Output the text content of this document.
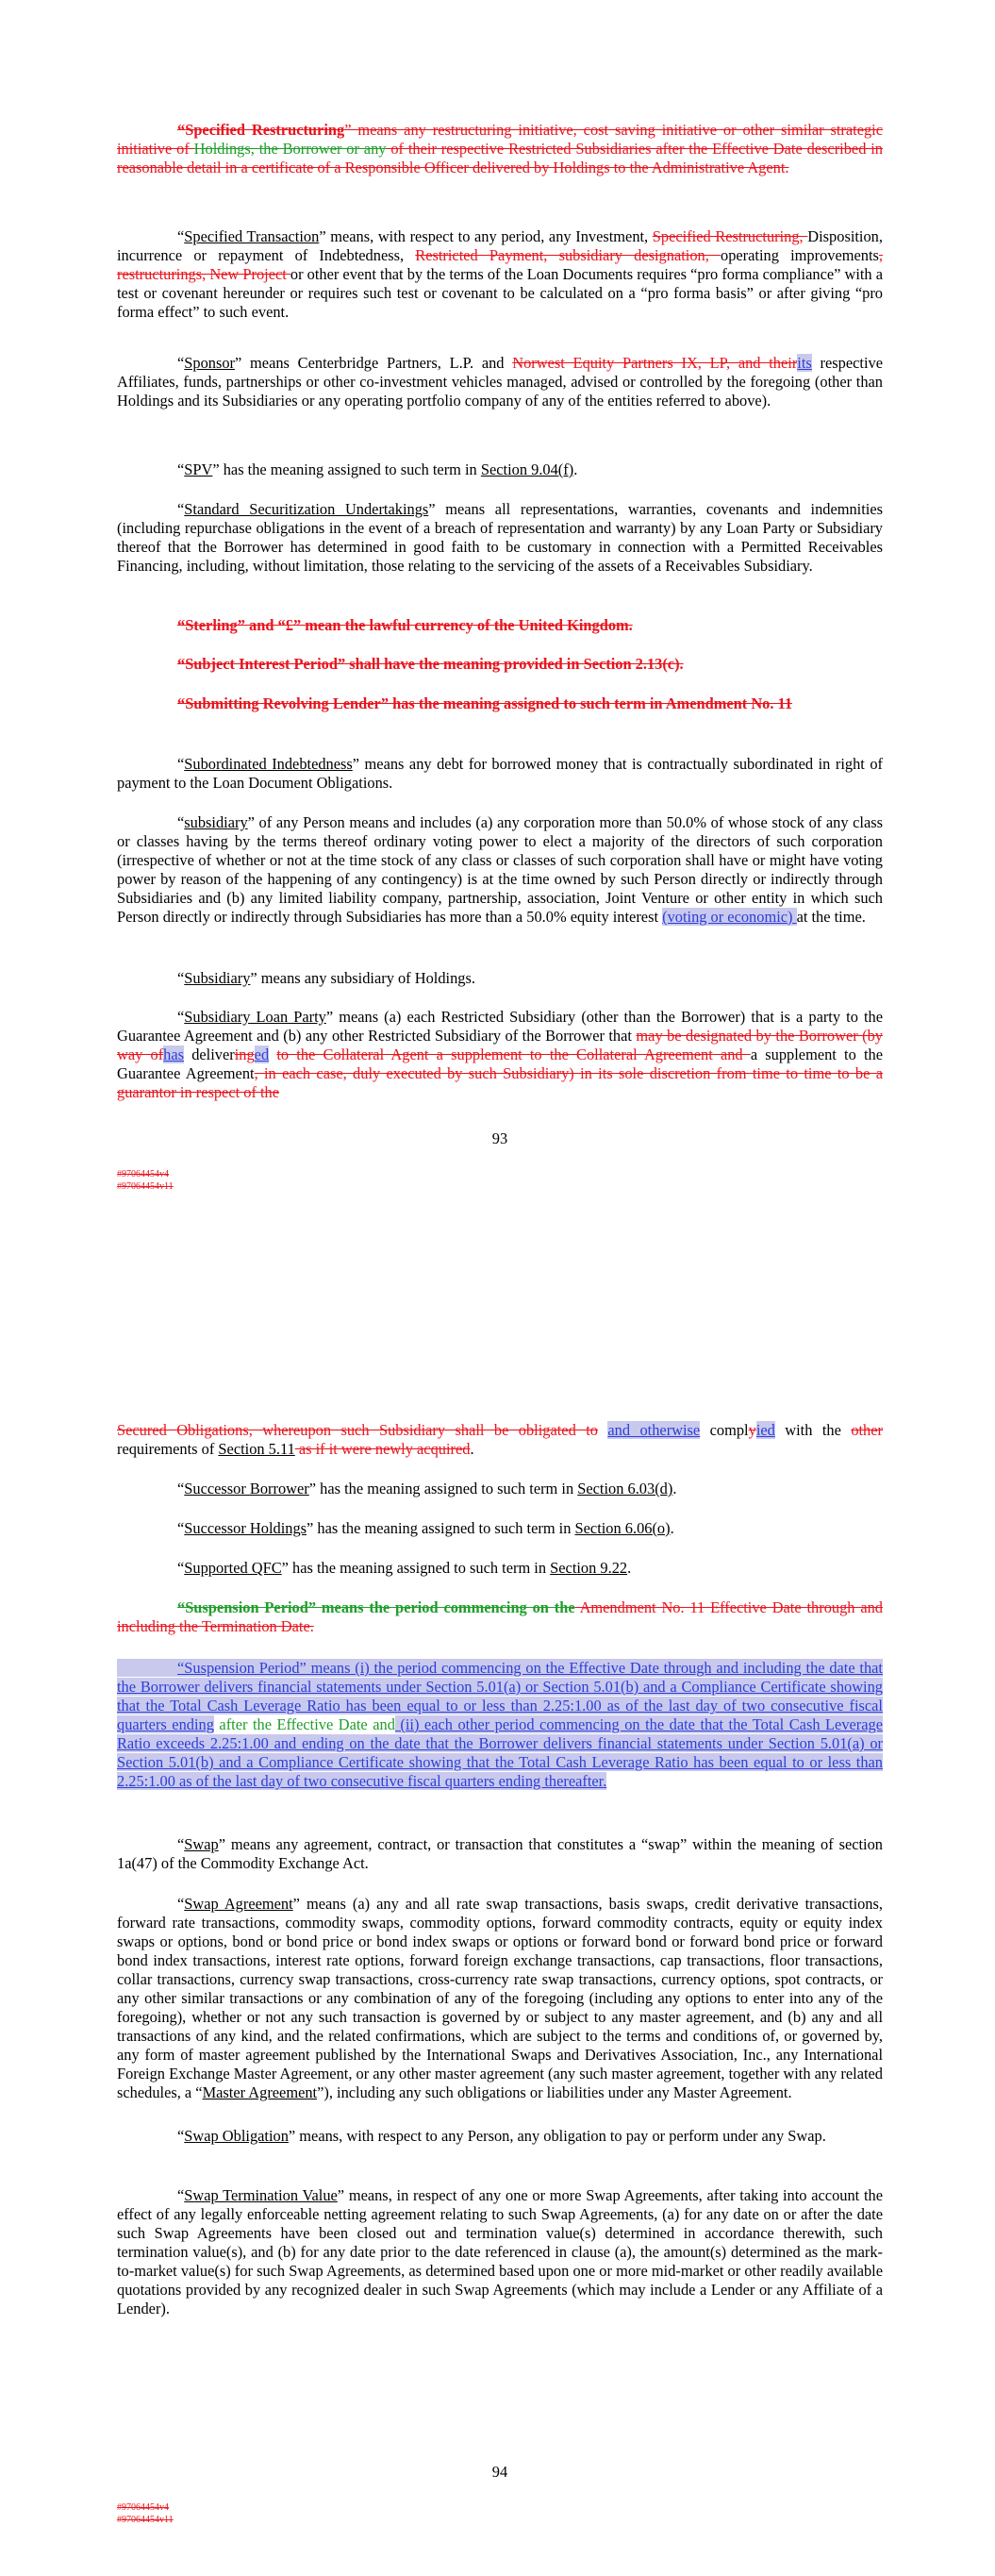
“Specified Restructuring” means any restructuring initiative, cost saving initiative or other similar strategic initiative of Holdings, the Borrower or any of their respective Restricted Subsidiaries after the Effective Date described in reasonable detail in a certificate of a Responsible Officer delivered by Holdings to the Administrative Agent.

“Specified Transaction” means, with respect to any period, any Investment, Specified Restructuring, Disposition, incurrence or repayment of Indebtedness, Restricted Payment, subsidiary designation, operating improvements, restructurings, New Project or other event that by the terms of the Loan Documents requires “pro forma compliance” with a test or covenant hereunder or requires such test or covenant to be calculated on a “pro forma basis” or after giving “pro forma effect” to such event.

“Sponsor” means Centerbridge Partners, L.P. and Norwest Equity Partners IX, LP, and theirits respective Affiliates, funds, partnerships or other co-investment vehicles managed, advised or controlled by the foregoing (other than Holdings and its Subsidiaries or any operating portfolio company of any of the entities referred to above).

“SPV” has the meaning assigned to such term in Section 9.04(f).

“Standard Securitization Undertakings” means all representations, warranties, covenants and indemnities (including repurchase obligations in the event of a breach of representation and warranty) by any Loan Party or Subsidiary thereof that the Borrower has determined in good faith to be customary in connection with a Permitted Receivables Financing, including, without limitation, those relating to the servicing of the assets of a Receivables Subsidiary.

“Sterling” and “£” mean the lawful currency of the United Kingdom.

“Subject Interest Period” shall have the meaning provided in Section 2.13(c).

“Submitting Revolving Lender” has the meaning assigned to such term in Amendment No. 11

“Subordinated Indebtedness” means any debt for borrowed money that is contractually subordinated in right of payment to the Loan Document Obligations.

“subsidiary” of any Person means and includes (a) any corporation more than 50.0% of whose stock of any class or classes having by the terms thereof ordinary voting power to elect a majority of the directors of such corporation (irrespective of whether or not at the time stock of any class or classes of such corporation shall have or might have voting power by reason of the happening of any contingency) is at the time owned by such Person directly or indirectly through Subsidiaries and (b) any limited liability company, partnership, association, Joint Venture or other entity in which such Person directly or indirectly through Subsidiaries has more than a 50.0% equity interest (voting or economic) at the time.

“Subsidiary” means any subsidiary of Holdings.

“Subsidiary Loan Party” means (a) each Restricted Subsidiary (other than the Borrower) that is a party to the Guarantee Agreement and (b) any other Restricted Subsidiary of the Borrower that may be designated by the Borrower (by way ofhas deliveringed to the Collateral Agent a supplement to the Collateral Agreement and a supplement to the Guarantee Agreement, in each case, duly executed by such Subsidiary) in its sole discretion from time to time to be a guarantor in respect of the

93
#97064454v4
#97064454v11

Secured Obligations, whereupon such Subsidiary shall be obligated to and otherwise complyied with the other requirements of Section 5.11 as if it were newly acquired.

“Successor Borrower” has the meaning assigned to such term in Section 6.03(d).

“Successor Holdings” has the meaning assigned to such term in Section 6.06(o).

“Supported QFC” has the meaning assigned to such term in Section 9.22.

“Suspension Period” means the period commencing on the Amendment No. 11 Effective Date through and including the Termination Date.

“Suspension Period” means (i) the period commencing on the Effective Date through and including the date that the Borrower delivers financial statements under Section 5.01(a) or Section 5.01(b) and a Compliance Certificate showing that the Total Cash Leverage Ratio has been equal to or less than 2.25:1.00 as of the last day of two consecutive fiscal quarters ending after the Effective Date and (ii) each other period commencing on the date that the Total Cash Leverage Ratio exceeds 2.25:1.00 and ending on the date that the Borrower delivers financial statements under Section 5.01(a) or Section 5.01(b) and a Compliance Certificate showing that the Total Cash Leverage Ratio has been equal to or less than 2.25:1.00 as of the last day of two consecutive fiscal quarters ending thereafter.

“Swap” means any agreement, contract, or transaction that constitutes a “swap” within the meaning of section 1a(47) of the Commodity Exchange Act.

“Swap Agreement” means (a) any and all rate swap transactions, basis swaps, credit derivative transactions, forward rate transactions, commodity swaps, commodity options, forward commodity contracts, equity or equity index swaps or options, bond or bond price or bond index swaps or options or forward bond or forward bond price or forward bond index transactions, interest rate options, forward foreign exchange transactions, cap transactions, floor transactions, collar transactions, currency swap transactions, cross-currency rate swap transactions, currency options, spot contracts, or any other similar transactions or any combination of any of the foregoing (including any options to enter into any of the foregoing), whether or not any such transaction is governed by or subject to any master agreement, and (b) any and all transactions of any kind, and the related confirmations, which are subject to the terms and conditions of, or governed by, any form of master agreement published by the International Swaps and Derivatives Association, Inc., any International Foreign Exchange Master Agreement, or any other master agreement (any such master agreement, together with any related schedules, a “Master Agreement”), including any such obligations or liabilities under any Master Agreement.

“Swap Obligation” means, with respect to any Person, any obligation to pay or perform under any Swap.

“Swap Termination Value” means, in respect of any one or more Swap Agreements, after taking into account the effect of any legally enforceable netting agreement relating to such Swap Agreements, (a) for any date on or after the date such Swap Agreements have been closed out and termination value(s) determined in accordance therewith, such termination value(s), and (b) for any date prior to the date referenced in clause (a), the amount(s) determined as the mark-to-market value(s) for such Swap Agreements, as determined based upon one or more mid-market or other readily available quotations provided by any recognized dealer in such Swap Agreements (which may include a Lender or any Affiliate of a Lender).

94
#97064454v4
#97064454v11
